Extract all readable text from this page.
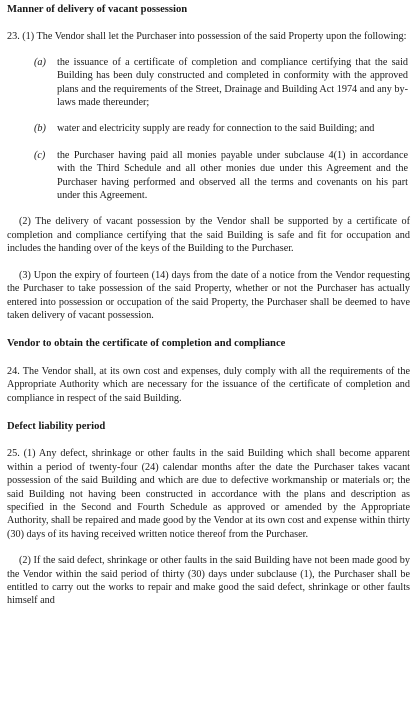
Manner of delivery of vacant possession

23. (1) The Vendor shall let the Purchaser into possession of the said Property upon the following:

(a)	the issuance of a certificate of completion and compliance certifying that the said Building has been duly constructed and completed in conformity with the approved plans and the requirements of the Street, Drainage and Building Act 1974 and any by-laws made thereunder;
(b)	water and electricity supply are ready for connection to the said Building; and
(c)	the Purchaser having paid all monies payable under subclause 4(1) in accordance with the Third Schedule and all other monies due under this Agreement and the Purchaser having performed and observed all the terms and covenants on his part under this Agreement.

(2) The delivery of vacant possession by the Vendor shall be supported by a certificate of completion and compliance certifying that the said Building is safe and fit for occupation and includes the handing over of the keys of the Building to the Purchaser.

(3) Upon the expiry of fourteen (14) days from the date of a notice from the Vendor requesting the Purchaser to take possession of the said Property, whether or not the Purchaser has actually entered into possession or occupation of the said Property, the Purchaser shall be deemed to have taken delivery of vacant possession.

Vendor to obtain the certificate of completion and compliance

24. The Vendor shall, at its own cost and expenses, duly comply with all the requirements of the Appropriate Authority which are necessary for the issuance of the certificate of completion and compliance in respect of the said Building.

Defect liability period

25. (1) Any defect, shrinkage or other faults in the said Building which shall become apparent within a period of twenty-four (24) calendar months after the date the Purchaser takes vacant possession of the said Building and which are due to defective workmanship or materials or; the said Building not having been constructed in accordance with the plans and description as specified in the Second and Fourth Schedule as approved or amended by the Appropriate Authority, shall be repaired and made good by the Vendor at its own cost and expense within thirty (30) days of its having received written notice thereof from the Purchaser.

(2) If the said defect, shrinkage or other faults in the said Building have not been made good by the Vendor within the said period of thirty (30) days under subclause (1), the Purchaser shall be entitled to carry out the works to repair and make good the said defect, shrinkage or other faults himself and
